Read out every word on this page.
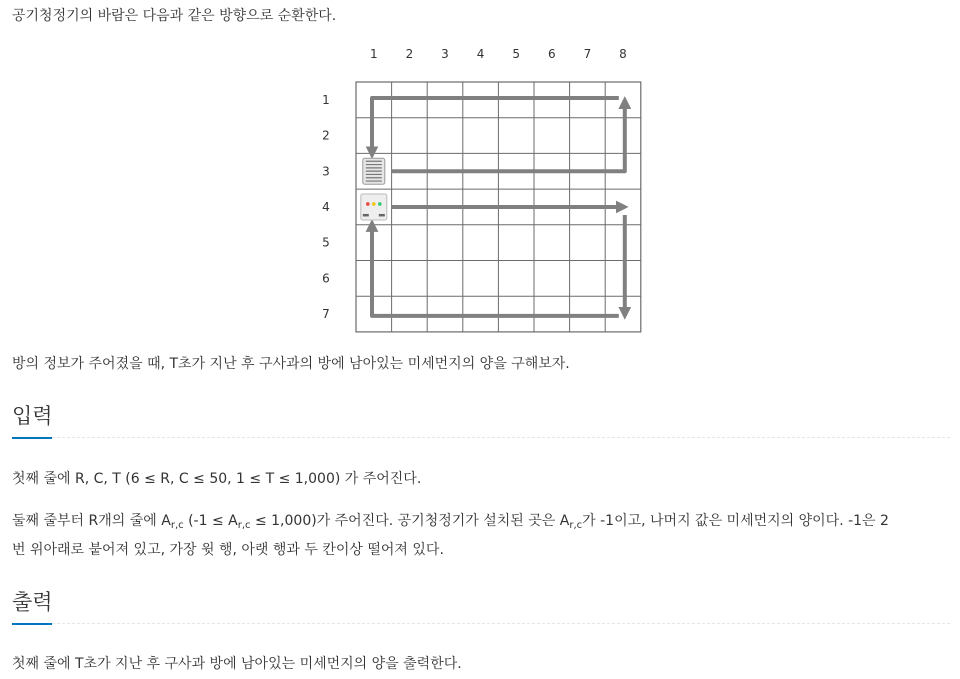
공기청정기의 바람은 다음과 같은 방향으로 순환한다.
1 2 3 4 5 6 7 8
1
2
3
4
5
6
7
방의 정보가 주어졌을 때, T초가 지난 후 구사과의 방에 남아있는 미세먼지의 양을 구해보자.
입력
첫째 줄에 R, C, T (6 ≤ R, C ≤ 50, 1 ≤ T ≤ 1,000) 가 주어진다.
둘째 줄부터 R개의 줄에 $A_{r,c}$ $(-1 \le A_{r,c} \le 1,000)$가 주어진다. 공기청정기가 설치된 곳은 $A_{r,c}$가 -1이고, 나머지 값은 미세먼지의 양이다. -1은 2
번 위아래로 붙어져 있고, 가장 윗 행, 아랫 행과 두 칸이상 떨어져 있다.
출력
첫째 줄에 T초가 지난 후 구사과 방에 남아있는 미세먼지의 양을 출력한다.
